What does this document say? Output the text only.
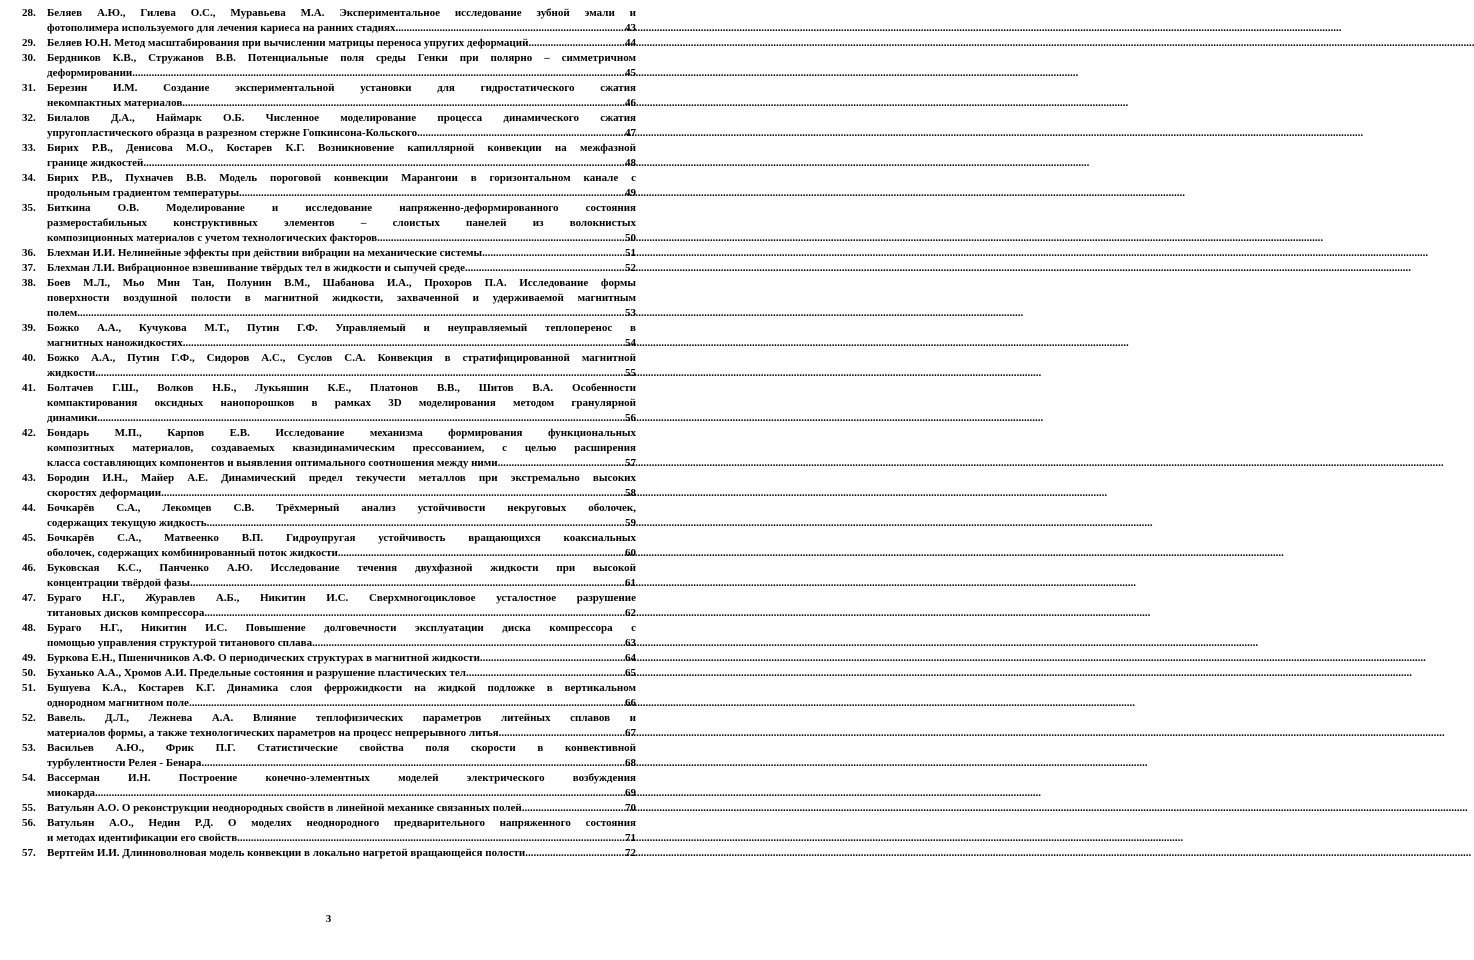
28.	Беляев А.Ю., Гилева О.С., Муравьева М.А. Экспериментальное исследование зубной эмали и
фотополимера используемого для лечения кариеса на ранних стадиях .....	43
29.	Беляев Ю.Н. Метод масштабирования при вычислении матрицы переноса упругих деформаций .....	44
30.	Бердников К.В., Стружанов В.В. Потенциальные поля среды Генки при полярно – симметричном
деформировании .....	45
31.	Березин И.М. Создание экспериментальной установки для гидростатического сжатия
некомпактных материалов .....	46
32.	Билалов Д.А., Наймарк О.Б. Численное моделирование процесса динамического сжатия
упругопластического образца в разрезном стержне Гопкинсона-Кольского .....	47
33.	Бирих Р.В., Денисова М.О., Костарев К.Г. Возникновение капиллярной конвекции на межфазной
границе жидкостей .....	48
34.	Бирих Р.В., Пухначев В.В. Модель пороговой конвекции Марангони в горизонтальном канале с
продольным градиентом температуры .....	49
35.	Биткина О.В. Моделирование и исследование напряженно-деформированного состояния
размеростабильных конструктивных элементов – слоистых панелей из волокнистых
композиционных материалов с учетом технологических факторов .....	50
36.	Блехман И.И. Нелинейные эффекты при действии вибрации на механические системы .....	51
37.	Блехман Л.И. Вибрационное взвешивание твёрдых тел в жидкости и сыпучей среде .....	52
38.	Боев М.Л., Мьо Мин Тан, Полунин В.М., Шабанова И.А., Прохоров П.А. Исследование формы
поверхности воздушной полости в магнитной жидкости, захваченной и удерживаемой магнитным
полем .....	53
39.	Божко А.А., Кучукова М.Т., Путин Г.Ф. Управляемый и неуправляемый теплоперенос в
магнитных наножидкостях .....	54
40.	Божко А.А., Путин Г.Ф., Сидоров А.С., Суслов С.А. Конвекция в стратифицированной магнитной
жидкости .....	55
41.	Болтачев Г.Ш., Волков Н.Б., Лукьяшин К.Е., Платонов В.В., Шитов В.А. Особенности
компактирования оксидных нанопорошков в рамках 3D моделирования методом гранулярной
динамики .....	56
42.	Бондарь М.П., Карпов Е.В. Исследование механизма формирования функциональных
композитных материалов, создаваемых квазидинамическим прессованием, с целью расширения
класса составляющих компонентов и выявления оптимального соотношения между ними .....	57
43.	Бородин И.Н., Майер А.Е. Динамический предел текучести металлов при экстремально высоких
скоростях деформации .....	58
44.	Бочкарёв С.А., Лекомцев С.В. Трёхмерный анализ устойчивости некруговых оболочек,
содержащих текущую жидкость .....	59
45.	Бочкарёв С.А., Матвеенко В.П. Гидроупругая устойчивость вращающихся коаксиальных
оболочек, содержащих комбинированный поток жидкости .....	60
46.	Буковская К.С., Панченко А.Ю. Исследование течения двухфазной жидкости при высокой
концентрации твёрдой фазы .....	61
47.	Бураго Н.Г., Журавлев А.Б., Никитин И.С. Сверхмногоцикловое усталостное разрушение
титановых дисков компрессора .....	62
48.	Бураго Н.Г., Никитин И.С. Повышение долговечности эксплуатации диска компрессора с
помощью управления структурой титанового сплава .....	63
49.	Буркова Е.Н., Пшеничников А.Ф. О периодических структурах в магнитной жидкости .....	64
50.	Буханько А.А., Хромов А.И. Предельные состояния и разрушение пластических тел .....	65
51.	Бушуева К.А., Костарев К.Г. Динамика слоя феррожидкости на жидкой подложке в вертикальном
однородном магнитном поле .....	66
52.	Вавель. Д.Л., Лежнева А.А. Влияние теплофизических параметров литейных сплавов и
материалов формы, а также технологических параметров на процесс непрерывного литья .....	67
53.	Васильев А.Ю., Фрик П.Г. Статистические свойства поля скорости в конвективной
турбулентности Релея - Бенара .....	68
54.	Вассерман И.Н. Построение конечно-элементных моделей электрического возбуждения
миокарда .....	69
55.	Ватульян А.О. О реконструкции неоднородных свойств в линейной механике связанных полей .....	70
56.	Ватульян А.О., Недин Р.Д. О моделях неоднородного предварительного напряженного состояния
и методах идентификации его свойств .....	71
57.	Вертгейм И.И. Длинноволновая модель конвекции в локально нагретой вращающейся полости .....	72
3
